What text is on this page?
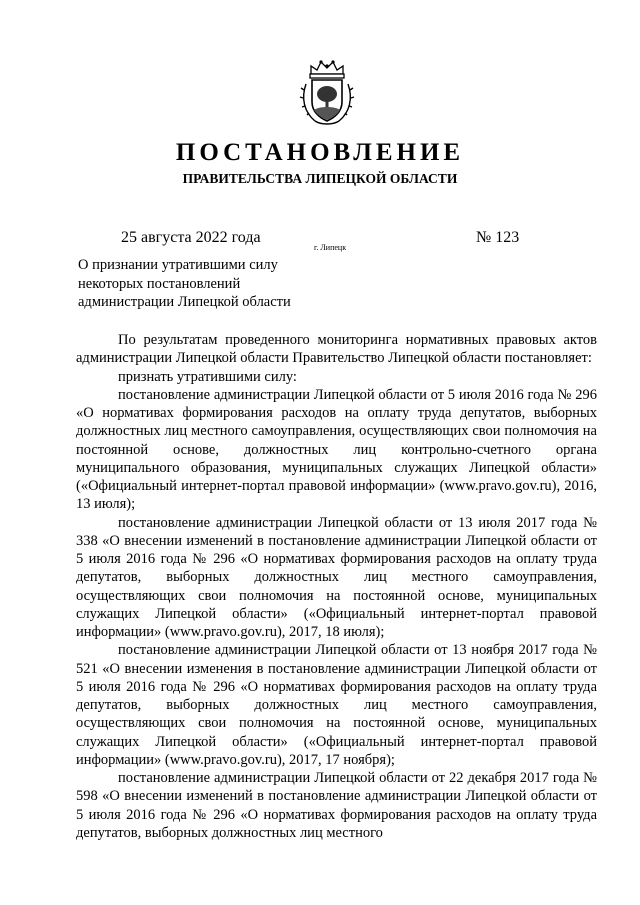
ПОСТАНОВЛЕНИЕ
ПРАВИТЕЛЬСТВА ЛИПЕЦКОЙ ОБЛАСТИ
25 августа 2022 года
г. Липецк
№ 123
О признании утратившими силу
некоторых постановлений
администрации Липецкой области

По результатам проведенного мониторинга нормативных правовых актов администрации Липецкой области Правительство Липецкой области постановляет:

признать утратившими силу:

постановление администрации Липецкой области от 5 июля 2016 года № 296 «О нормативах формирования расходов на оплату труда депутатов, выборных должностных лиц местного самоуправления, осуществляющих свои полномочия на постоянной основе, должностных лиц контрольно-счетного органа муниципального образования, муниципальных служащих Липецкой области» («Официальный интернет-портал правовой информации» (www.pravo.gov.ru), 2016, 13 июля);

постановление администрации Липецкой области от 13 июля 2017 года № 338 «О внесении изменений в постановление администрации Липецкой области от 5 июля 2016 года № 296 «О нормативах формирования расходов на оплату труда депутатов, выборных должностных лиц местного самоуправления, осуществляющих свои полномочия на постоянной основе, муниципальных служащих Липецкой области» («Официальный интернет-портал правовой информации» (www.pravo.gov.ru), 2017, 18 июля);

постановление администрации Липецкой области от 13 ноября 2017 года № 521 «О внесении изменения в постановление администрации Липецкой области от 5 июля 2016 года № 296 «О нормативах формирования расходов на оплату труда депутатов, выборных должностных лиц местного самоуправления, осуществляющих свои полномочия на постоянной основе, муниципальных служащих Липецкой области» («Официальный интернет-портал правовой информации» (www.pravo.gov.ru), 2017, 17 ноября);

постановление администрации Липецкой области от 22 декабря 2017 года № 598 «О внесении изменений в постановление администрации Липецкой области от 5 июля 2016 года № 296 «О нормативах формирования расходов на оплату труда депутатов, выборных должностных лиц местного
